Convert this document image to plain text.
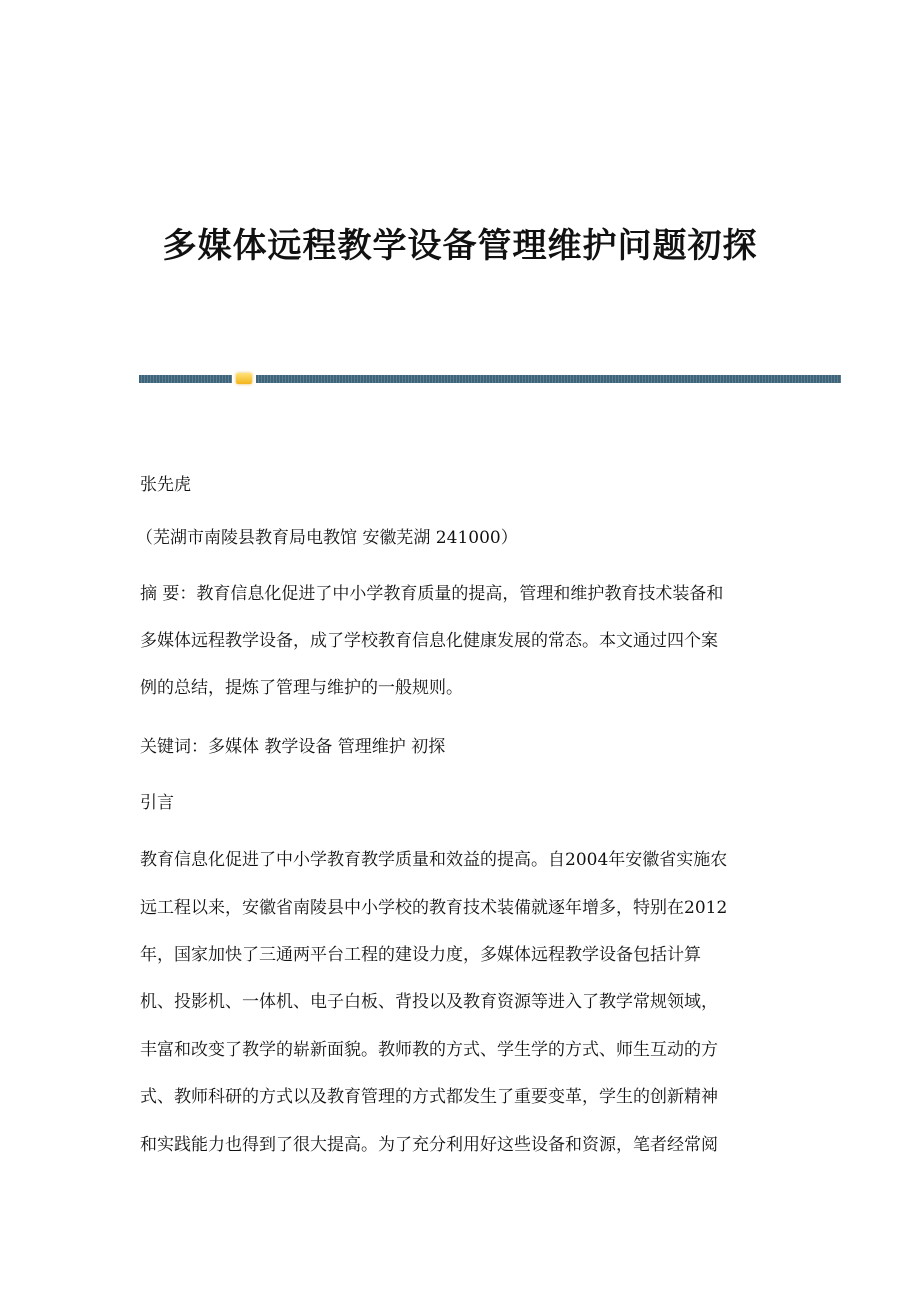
多媒体远程教学设备管理维护问题初探
张先虎
（芜湖市南陵县教育局电教馆 安徽芜湖 241000）
摘 要：教育信息化促进了中小学教育质量的提高，管理和维护教育技术装备和
多媒体远程教学设备，成了学校教育信息化健康发展的常态。本文通过四个案
例的总结，提炼了管理与维护的一般规则。
关键词：多媒体 教学设备 管理维护 初探
引言
教育信息化促进了中小学教育教学质量和效益的提高。自2004年安徽省实施农
远工程以来，安徽省南陵县中小学校的教育技术装備就逐年增多，特别在2012
年，国家加快了三通两平台工程的建设力度，多媒体远程教学设备包括计算
机、投影机、一体机、电子白板、背投以及教育资源等进入了教学常规领域，
丰富和改变了教学的崭新面貌。教师教的方式、学生学的方式、师生互动的方
式、教师科研的方式以及教育管理的方式都发生了重要变革，学生的创新精神
和实践能力也得到了很大提高。为了充分利用好这些设备和资源，笔者经常阅
